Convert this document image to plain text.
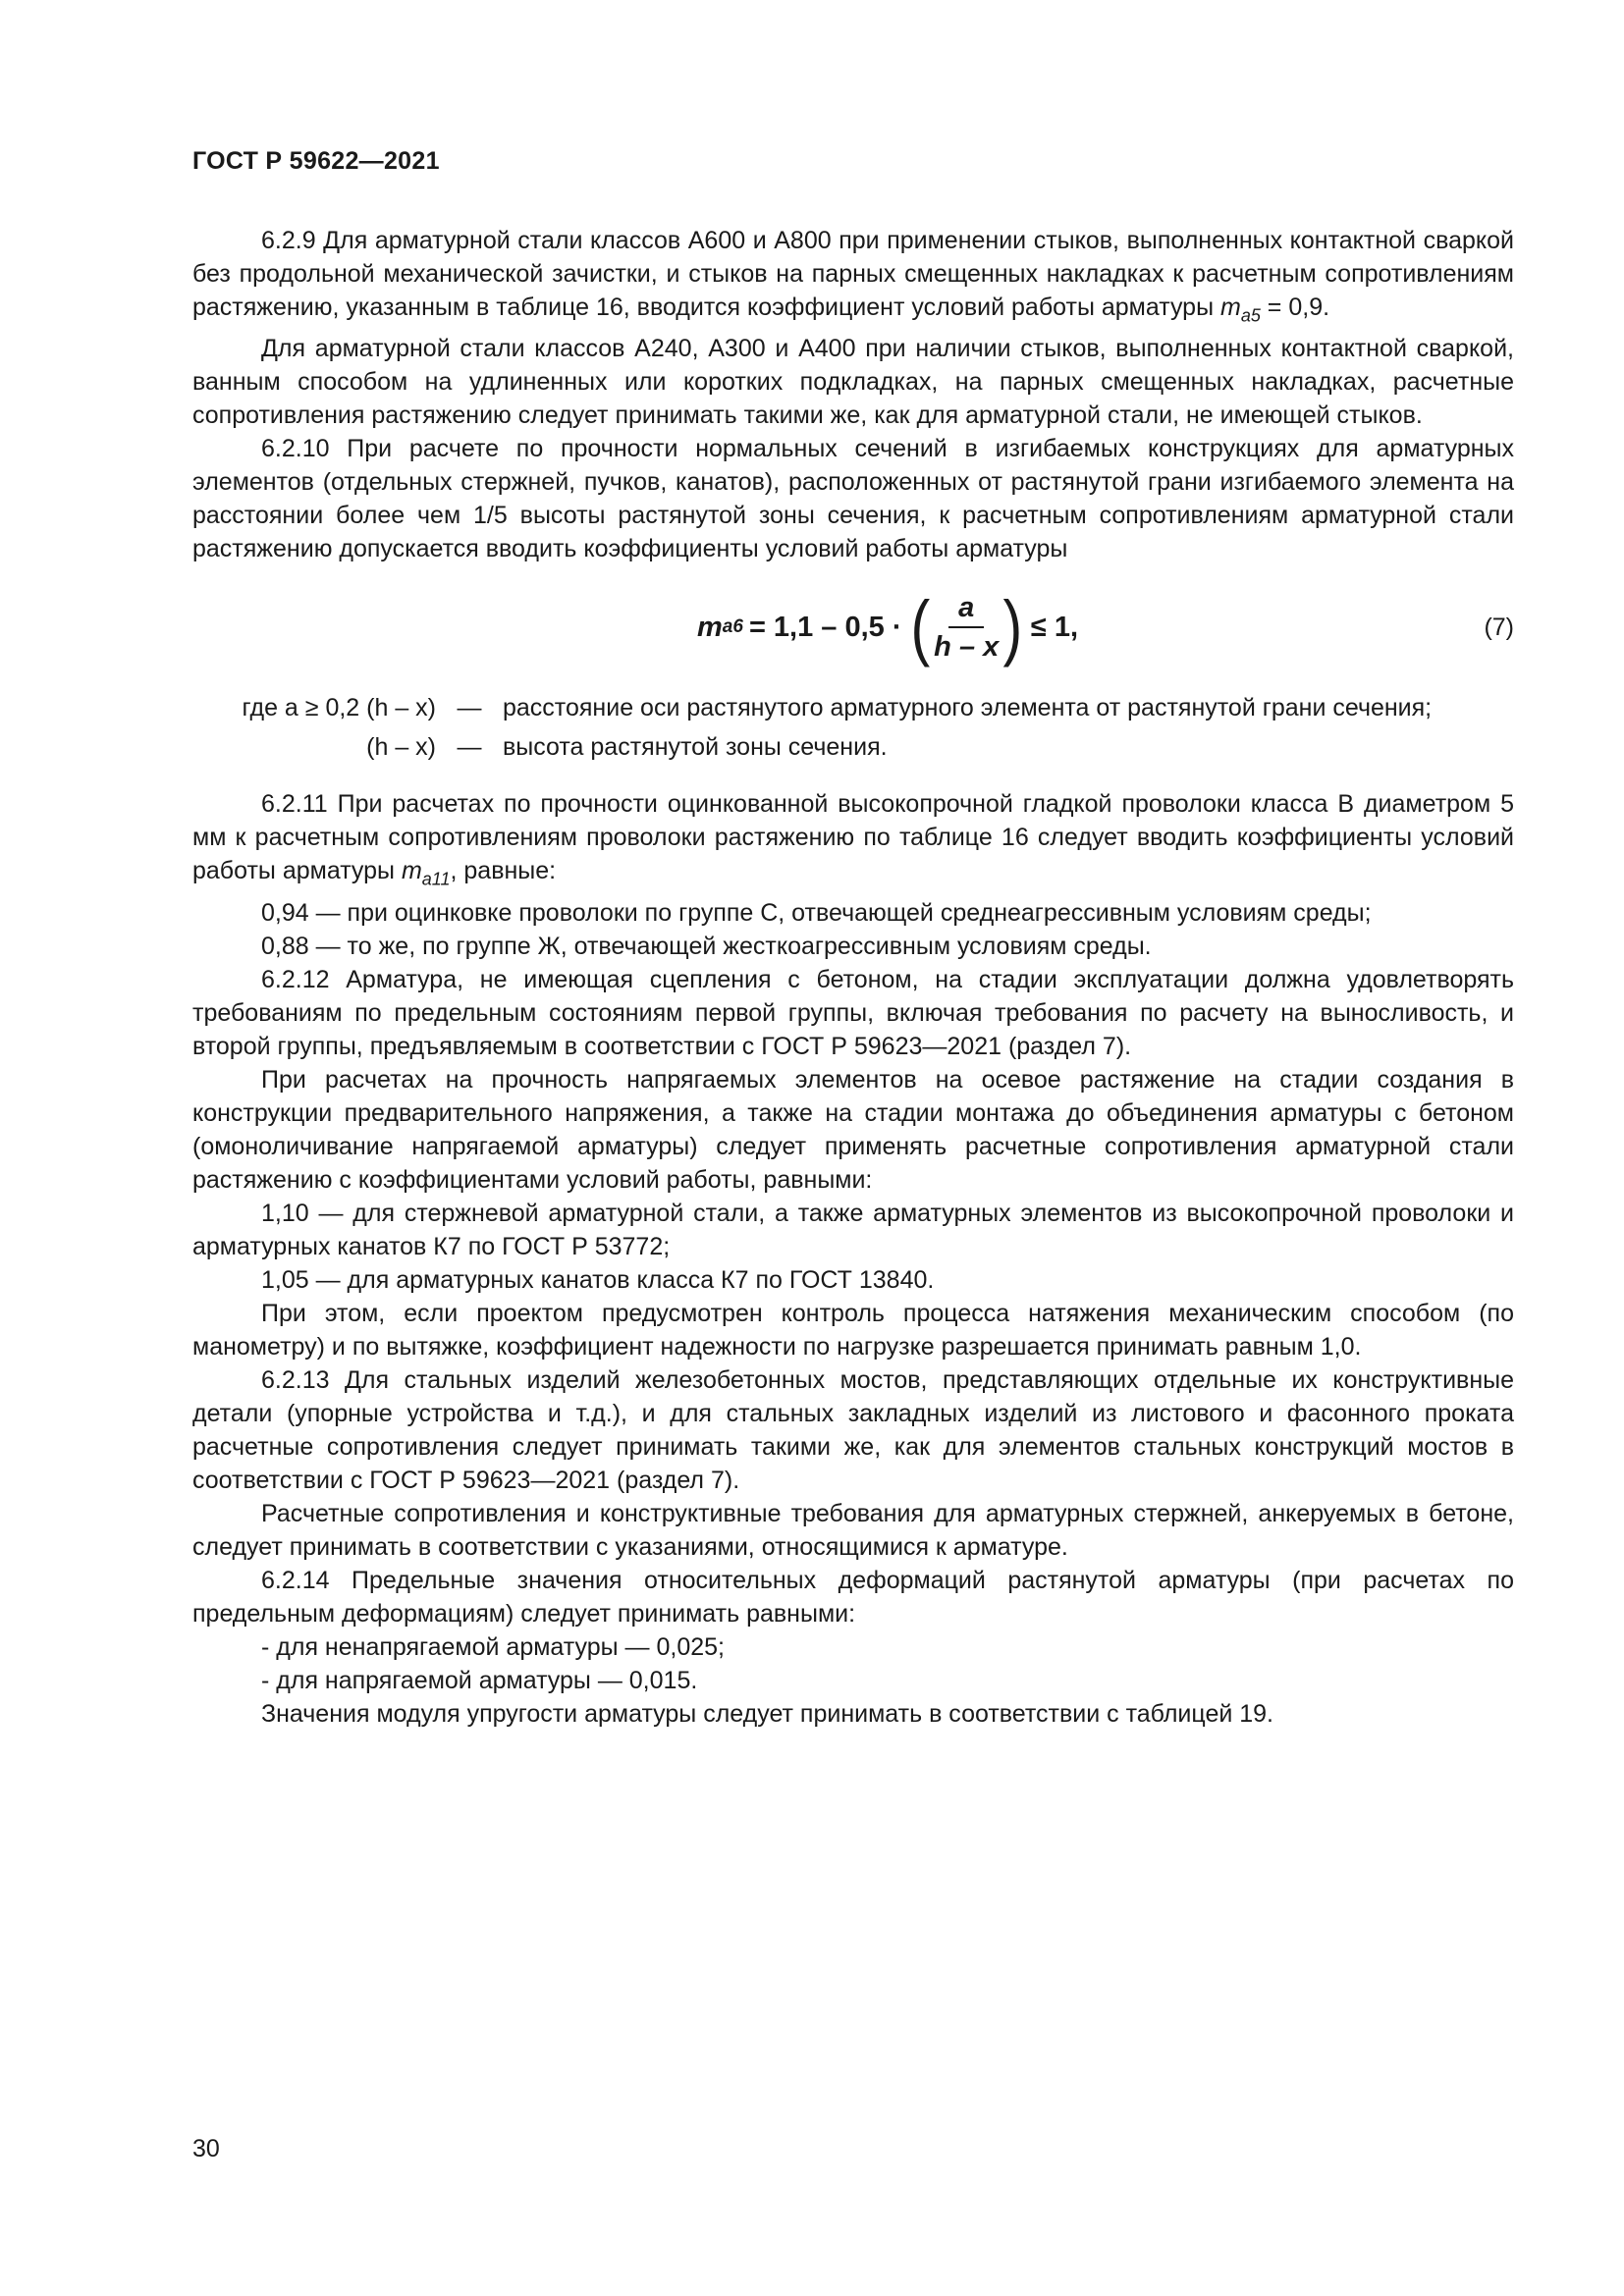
ГОСТ Р 59622—2021

6.2.9 Для арматурной стали классов А600 и А800 при применении стыков, выполненных контактной сваркой без продольной механической зачистки, и стыков на парных смещенных накладках к расчетным сопротивлениям растяжению, указанным в таблице 16, вводится коэффициент условий работы арматуры $m_{а5} = 0,9$.

Для арматурной стали классов А240, А300 и А400 при наличии стыков, выполненных контактной сваркой, ванным способом на удлиненных или коротких подкладках, на парных смещенных накладках, расчетные сопротивления растяжению следует принимать такими же, как для арматурной стали, не имеющей стыков.

6.2.10 При расчете по прочности нормальных сечений в изгибаемых конструкциях для арматурных элементов (отдельных стержней, пучков, канатов), расположенных от растянутой грани изгибаемого элемента на расстоянии более чем 1/5 высоты растянутой зоны сечения, к расчетным сопротивлениям арматурной стали растяжению допускается вводить коэффициенты условий работы арматуры

m a6 = 1,1 – 0,5 · ( $\frac{a}{h - x}$ ) ≤ 1,	(7)
где a ≥ 0,2 (h – x) — расстояние оси растянутого арматурного элемента от растянутой грани сечения;
(h – x) — высота растянутой зоны сечения.

6.2.11 При расчетах по прочности оцинкованной высокопрочной гладкой проволоки класса В диаметром 5 мм к расчетным сопротивлениям проволоки растяжению по таблице 16 следует вводить коэффициенты условий работы арматуры $m_{а11}$, равные:

0,94 — при оцинковке проволоки по группе С, отвечающей среднеагрессивным условиям среды;

0,88 — то же, по группе Ж, отвечающей жесткоагрессивным условиям среды.

6.2.12 Арматура, не имеющая сцепления с бетоном, на стадии эксплуатации должна удовлетворять требованиям по предельным состояниям первой группы, включая требования по расчету на выносливость, и второй группы, предъявляемым в соответствии с ГОСТ Р 59623—2021 (раздел 7).

При расчетах на прочность напрягаемых элементов на осевое растяжение на стадии создания в конструкции предварительного напряжения, а также на стадии монтажа до объединения арматуры с бетоном (омоноличивание напрягаемой арматуры) следует применять расчетные сопротивления арматурной стали растяжению с коэффициентами условий работы, равными:

1,10 — для стержневой арматурной стали, а также арматурных элементов из высокопрочной проволоки и арматурных канатов К7 по ГОСТ Р 53772;

1,05 — для арматурных канатов класса К7 по ГОСТ 13840.

При этом, если проектом предусмотрен контроль процесса натяжения механическим способом (по манометру) и по вытяжке, коэффициент надежности по нагрузке разрешается принимать равным 1,0.

6.2.13 Для стальных изделий железобетонных мостов, представляющих отдельные их конструктивные детали (упорные устройства и т.д.), и для стальных закладных изделий из листового и фасонного проката расчетные сопротивления следует принимать такими же, как для элементов стальных конструкций мостов в соответствии с ГОСТ Р 59623—2021 (раздел 7).

Расчетные сопротивления и конструктивные требования для арматурных стержней, анкеруемых в бетоне, следует принимать в соответствии с указаниями, относящимися к арматуре.

6.2.14 Предельные значения относительных деформаций растянутой арматуры (при расчетах по предельным деформациям) следует принимать равными:

- для ненапрягаемой арматуры — 0,025;

- для напрягаемой арматуры — 0,015.

Значения модуля упругости арматуры следует принимать в соответствии с таблицей 19.

30
